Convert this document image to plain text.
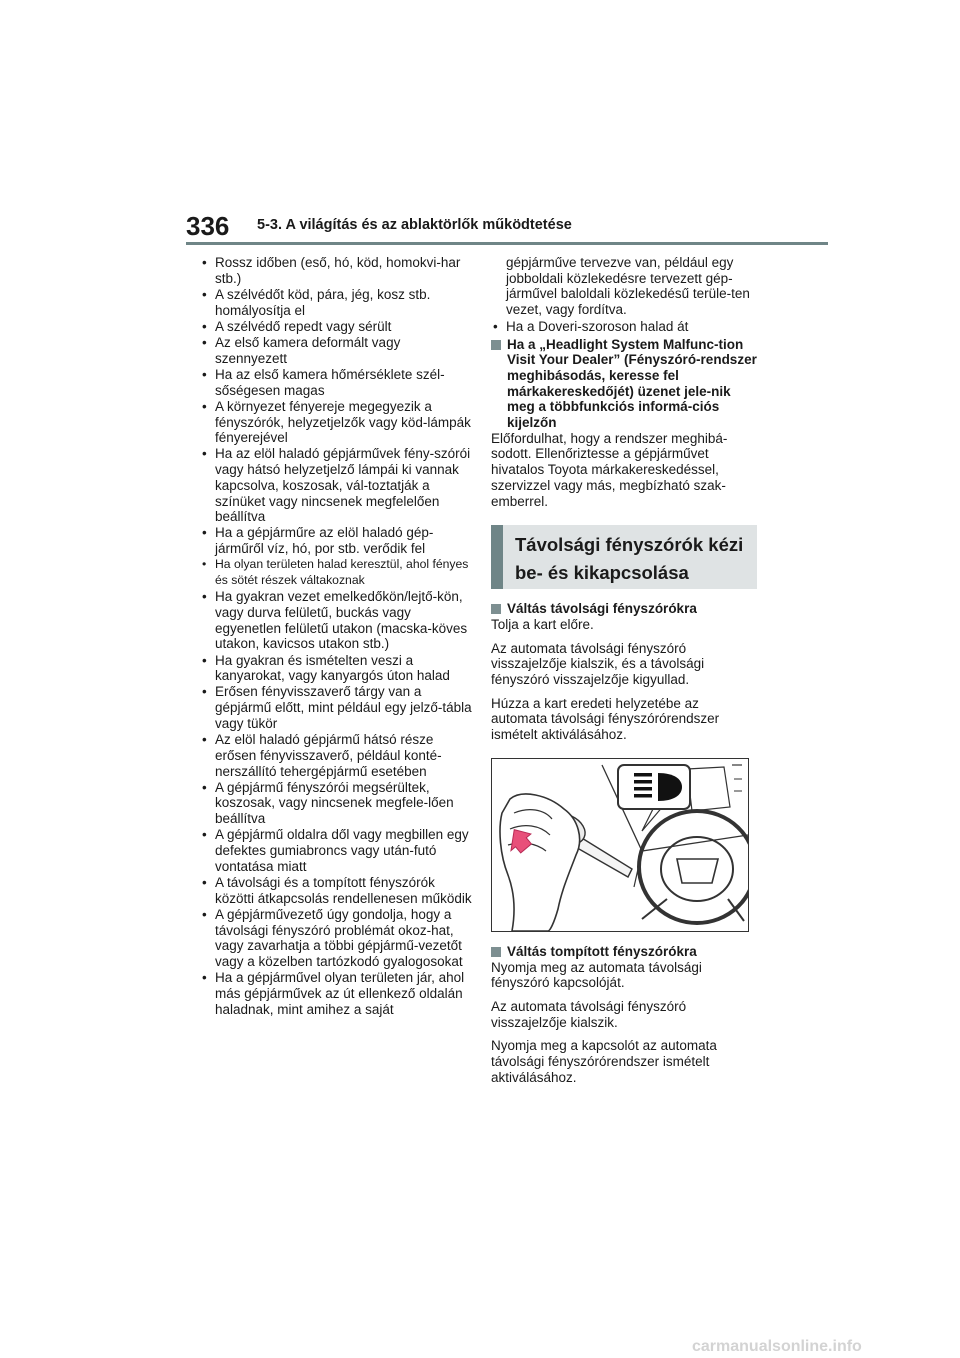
336 5-3. A világítás és az ablaktörlők működtetése
• Rossz időben (eső, hó, köd, homokvi-har stb.)
• A szélvédőt köd, pára, jég, kosz stb. homályosítja el
• A szélvédő repedt vagy sérült
• Az első kamera deformált vagy szennyezett
• Ha az első kamera hőmérséklete szél-sőségesen magas
• A környezet fényereje megegyezik a fényszórók, helyzetjelzők vagy köd-lámpák fényerejével
• Ha az elöl haladó gépjárművek fény-szórói vagy hátsó helyzetjelző lámpái ki vannak kapcsolva, koszosak, vál-toztatják a színüket vagy nincsenek megfelelően beállítva
• Ha a gépjárműre az elöl haladó gép-járműről víz, hó, por stb. verődik fel
• Ha olyan területen halad keresztül, ahol fényes és sötét részek váltakoznak
• Ha gyakran vezet emelkedőkön/lejtő-kön, vagy durva felületű, buckás vagy egyenetlen felületű utakon (macska-köves utakon, kavicsos utakon stb.)
• Ha gyakran és ismételten veszi a kanyarokat, vagy kanyargós úton halad
• Erősen fényvisszaverő tárgy van a gépjármű előtt, mint például egy jelző-tábla vagy tükör
• Az elöl haladó gépjármű hátsó része erősen fényvisszaverő, például konté-nerszállító tehergépjármű esetében
• A gépjármű fényszórói megsérültek, koszosak, vagy nincsenek megfele-lően beállítva
• A gépjármű oldalra dől vagy megbillen egy defektes gumiabroncs vagy után-futó vontatása miatt
• A távolsági és a tompított fényszórók közötti átkapcsolás rendellenesen működik
• A gépjárművezető úgy gondolja, hogy a távolsági fényszóró problémát okoz-hat, vagy zavarhatja a többi gépjármű-vezetőt vagy a közelben tartózkodó gyalogosokat
• Ha a gépjárművel olyan területen jár, ahol más gépjárművek az út ellenkező oldalán haladnak, mint amihez a saját
gépjárműve tervezve van, például egy jobboldali közlekedésre tervezett gép-járművel baloldali közlekedésű terüle-ten vezet, vagy fordítva.
• Ha a Doveri-szoroson halad át
Ha a „Headlight System Malfunc-tion Visit Your Dealer” (Fényszóró-rendszer meghibásodás, keresse fel márkakereskedőjét) üzenet jele-nik meg a többfunkciós informá-ciós kijelzőn

Előfordulhat, hogy a rendszer meghibá-sodott. Ellenőriztesse a gépjárművet hivatalos Toyota márkakereskedéssel, szervizzel vagy más, megbízható szak-emberrel.

Távolsági fényszórók kézi
be- és kikapcsolása
Váltás távolsági fényszórókra

Tolja a kart előre.

Az automata távolsági fényszóró visszajelzője kialszik, és a távolsági fényszóró visszajelzője kigyullad.

Húzza a kart eredeti helyzetébe az automata távolsági fényszórórendszer ismételt aktiválásához.

Váltás tompított fényszórókra

Nyomja meg az automata távolsági fényszóró kapcsolóját.

Az automata távolsági fényszóró visszajelzője kialszik.

Nyomja meg a kapcsolót az automata távolsági fényszórórendszer ismételt aktiválásához.

carmanualsonline.info
